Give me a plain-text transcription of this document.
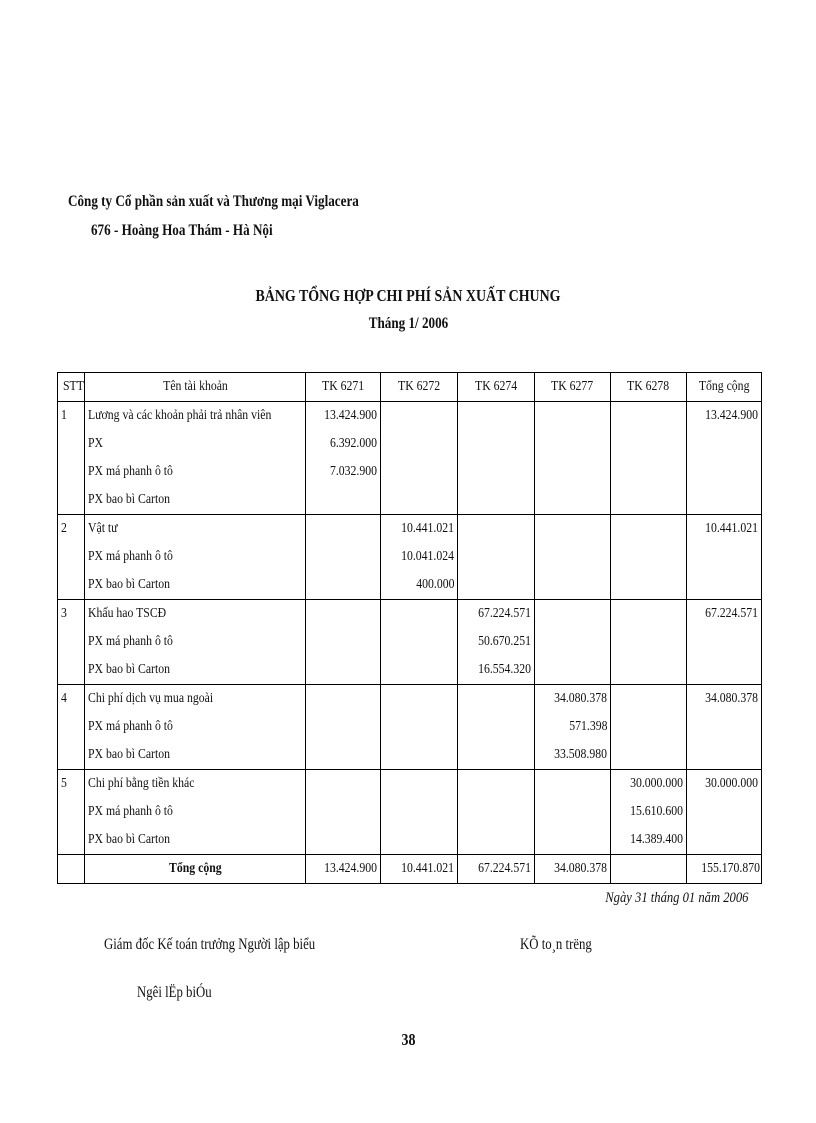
Công ty Cổ phần sản xuất và Thương mại Viglacera
676 - Hoàng Hoa Thám - Hà Nội
BẢNG TỔNG HỢP CHI PHÍ SẢN XUẤT CHUNG
Tháng 1/ 2006
STT	Tên tài khoản	TK 6271	TK 6272	TK 6274	TK 6277	TK 6278	Tổng cộng
1	Lương và các khoản phải trả nhân viên	13.424.900					13.424.900
	PX	6.392.000					
	PX má phanh ô tô	7.032.900					
	PX bao bì Carton						
2	Vật tư		10.441.021				10.441.021
	PX má phanh ô tô		10.041.024				
	PX bao bì Carton		400.000				
3	Khấu hao TSCĐ			67.224.571			67.224.571
	PX má phanh ô tô			50.670.251			
	PX bao bì Carton			16.554.320			
4	Chi phí dịch vụ mua ngoài				34.080.378		34.080.378
	PX má phanh ô tô				571.398		
	PX bao bì Carton				33.508.980		
5	Chi phí bằng tiền khác					30.000.000	30.000.000
	PX má phanh ô tô					15.610.600	
	PX bao bì Carton					14.389.400	
	Tổng cộng	13.424.900	10.441.021	67.224.571	34.080.378		155.170.870
Ngày 31 tháng 01 năm 2006
Giám đốc Kế toán trưởng Người lập biểu	KÕ to¸n trëng
Ngêi lËp biÓu
38
